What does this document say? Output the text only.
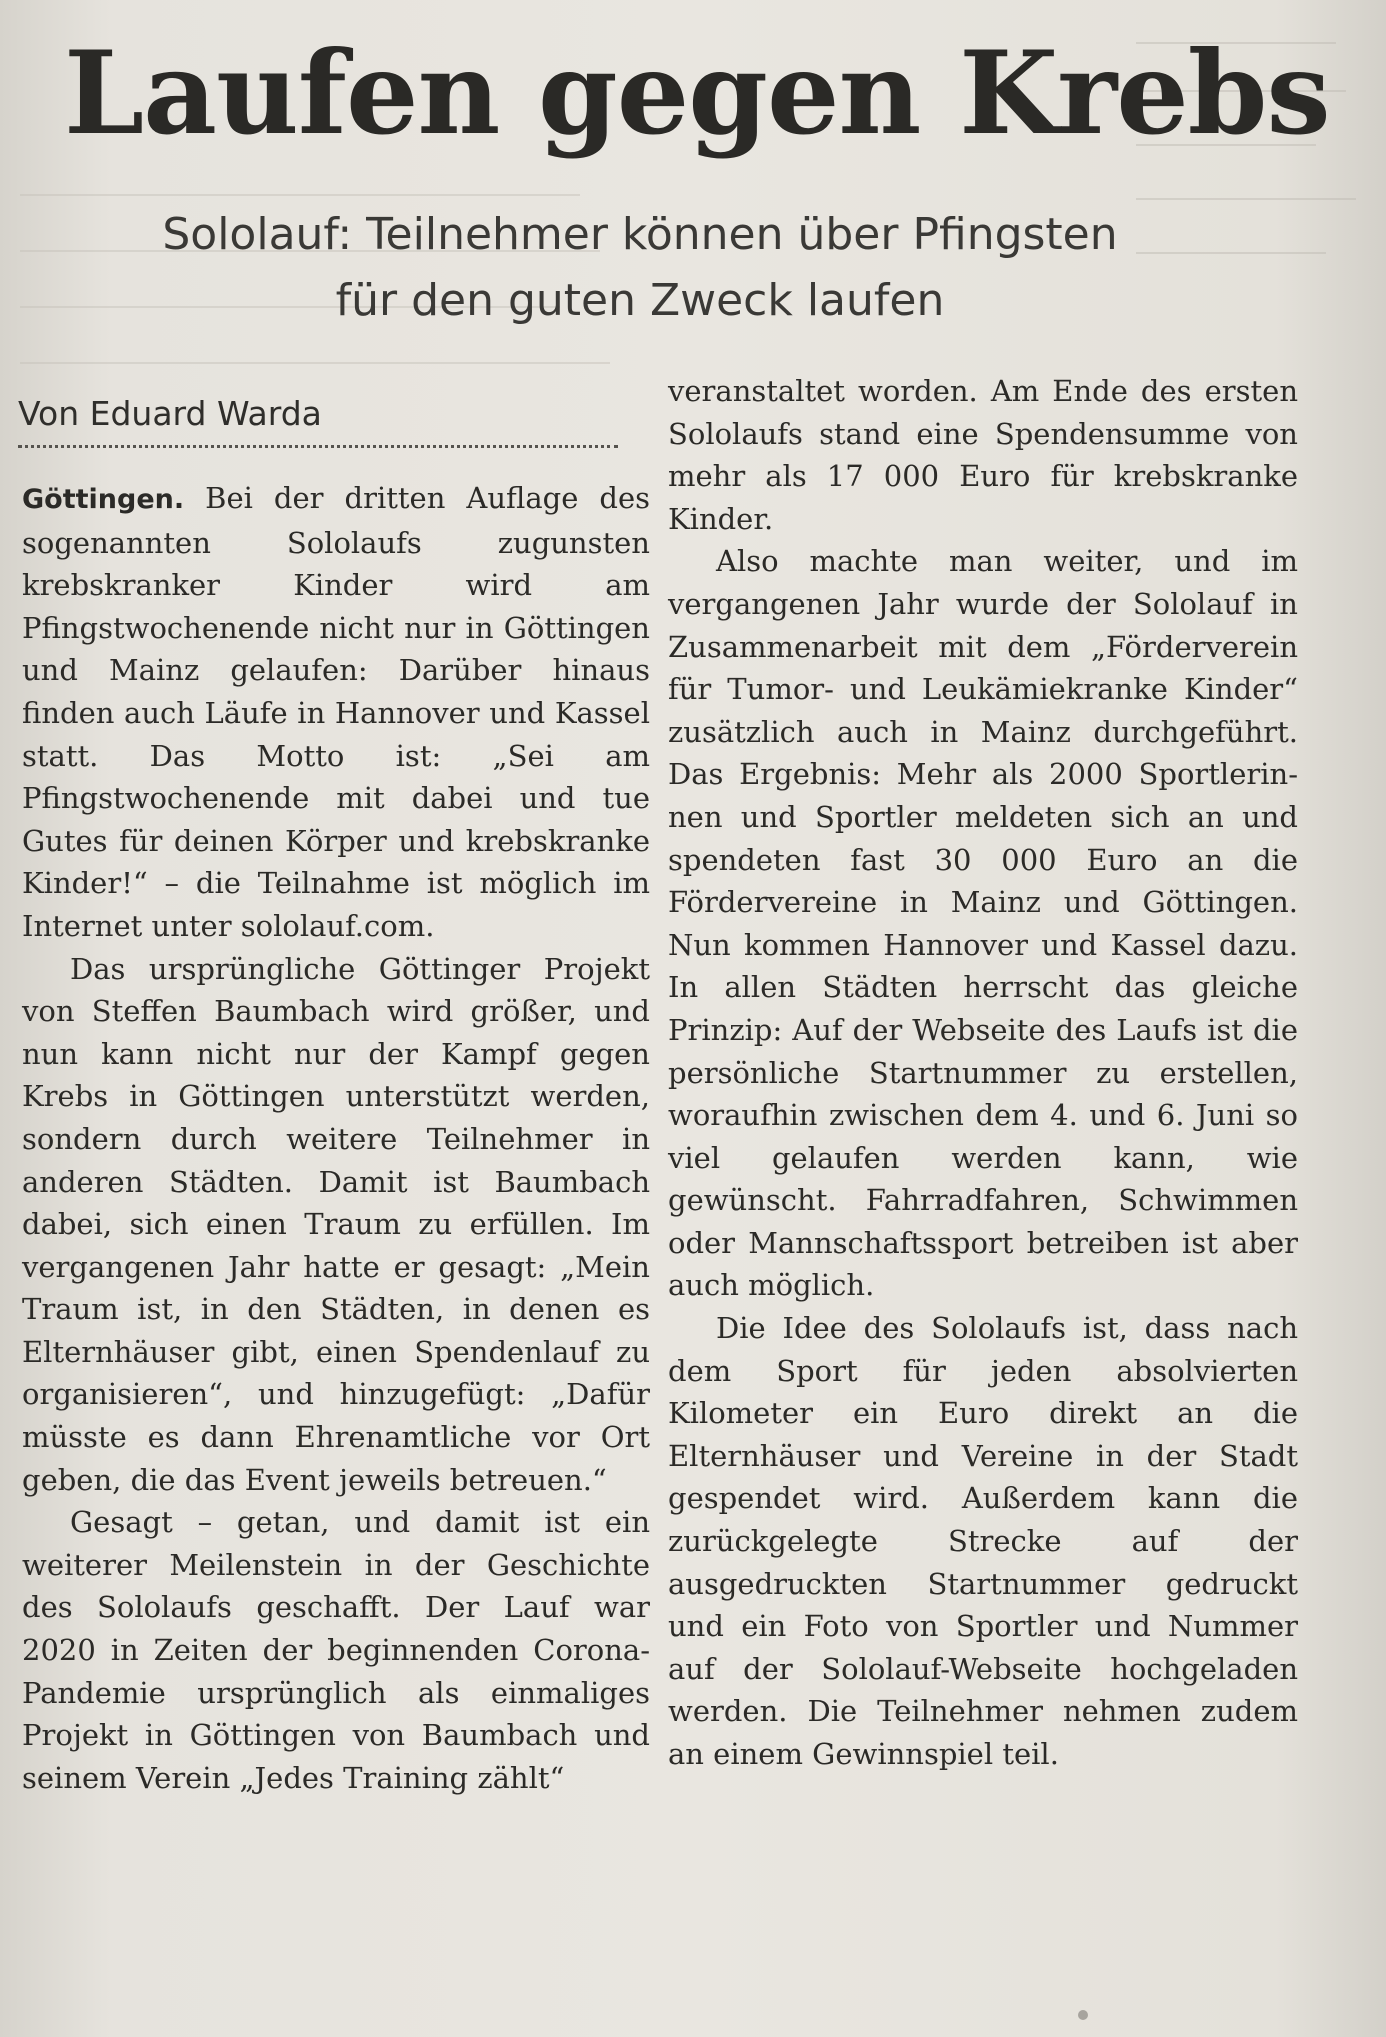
Laufen gegen Krebs
Sololauf: Teilnehmer können über Pfingsten
für den guten Zweck laufen
Von Eduard Warda

Göttingen. Bei der dritten Auflage des sogenannten Sololaufs zugunsten krebskranker Kinder wird am Pfingstwochenende nicht nur in Göttingen und Mainz gelaufen: Darüber hinaus finden auch Läufe in Hannover und Kassel statt. Das Motto ist: „Sei am Pfingstwochenende mit dabei und tue Gutes für deinen Körper und krebskranke Kinder!“ – die Teilnahme ist möglich im Internet unter sololauf.com.

Das ursprüngliche Göttinger Projekt von Steffen Baumbach wird größer, und nun kann nicht nur der Kampf gegen Krebs in Göttingen unterstützt werden, sondern durch weitere Teilnehmer in anderen Städten. Damit ist Baumbach dabei, sich einen Traum zu erfüllen. Im vergangenen Jahr hatte er gesagt: „Mein Traum ist, in den Städten, in denen es Elternhäuser gibt, einen Spendenlauf zu organisieren“, und hinzugefügt: „Dafür müsste es dann Ehrenamtliche vor Ort geben, die das Event jeweils betreuen.“

Gesagt – getan, und damit ist ein weiterer Meilenstein in der Geschichte des Sololaufs geschafft. Der Lauf war 2020 in Zeiten der beginnenden Corona-Pandemie ursprünglich als einmaliges Projekt in Göttingen von Baumbach und seinem Verein „Jedes Training zählt“

veranstaltet worden. Am Ende des ersten Sololaufs stand eine Spendensumme von mehr als 17 000 Euro für krebskranke Kinder.

Also machte man weiter, und im vergangenen Jahr wurde der Sololauf in Zusammenarbeit mit dem „Förderverein für Tumor- und Leukämiekranke Kinder“ zusätzlich auch in Mainz durchgeführt. Das Ergebnis: Mehr als 2000 Sportlerinnen und Sportler meldeten sich an und spendeten fast 30 000 Euro an die Fördervereine in Mainz und Göttingen. Nun kommen Hannover und Kassel dazu. In allen Städten herrscht das gleiche Prinzip: Auf der Webseite des Laufs ist die persönliche Startnummer zu erstellen, woraufhin zwischen dem 4. und 6. Juni so viel gelaufen werden kann, wie gewünscht. Fahrradfahren, Schwimmen oder Mannschaftssport betreiben ist aber auch möglich.

Die Idee des Sololaufs ist, dass nach dem Sport für jeden absolvierten Kilometer ein Euro direkt an die Elternhäuser und Vereine in der Stadt gespendet wird. Außerdem kann die zurückgelegte Strecke auf der ausgedruckten Startnummer gedruckt und ein Foto von Sportler und Nummer auf der Sololauf-Webseite hochgeladen werden. Die Teilnehmer nehmen zudem an einem Gewinnspiel teil.
